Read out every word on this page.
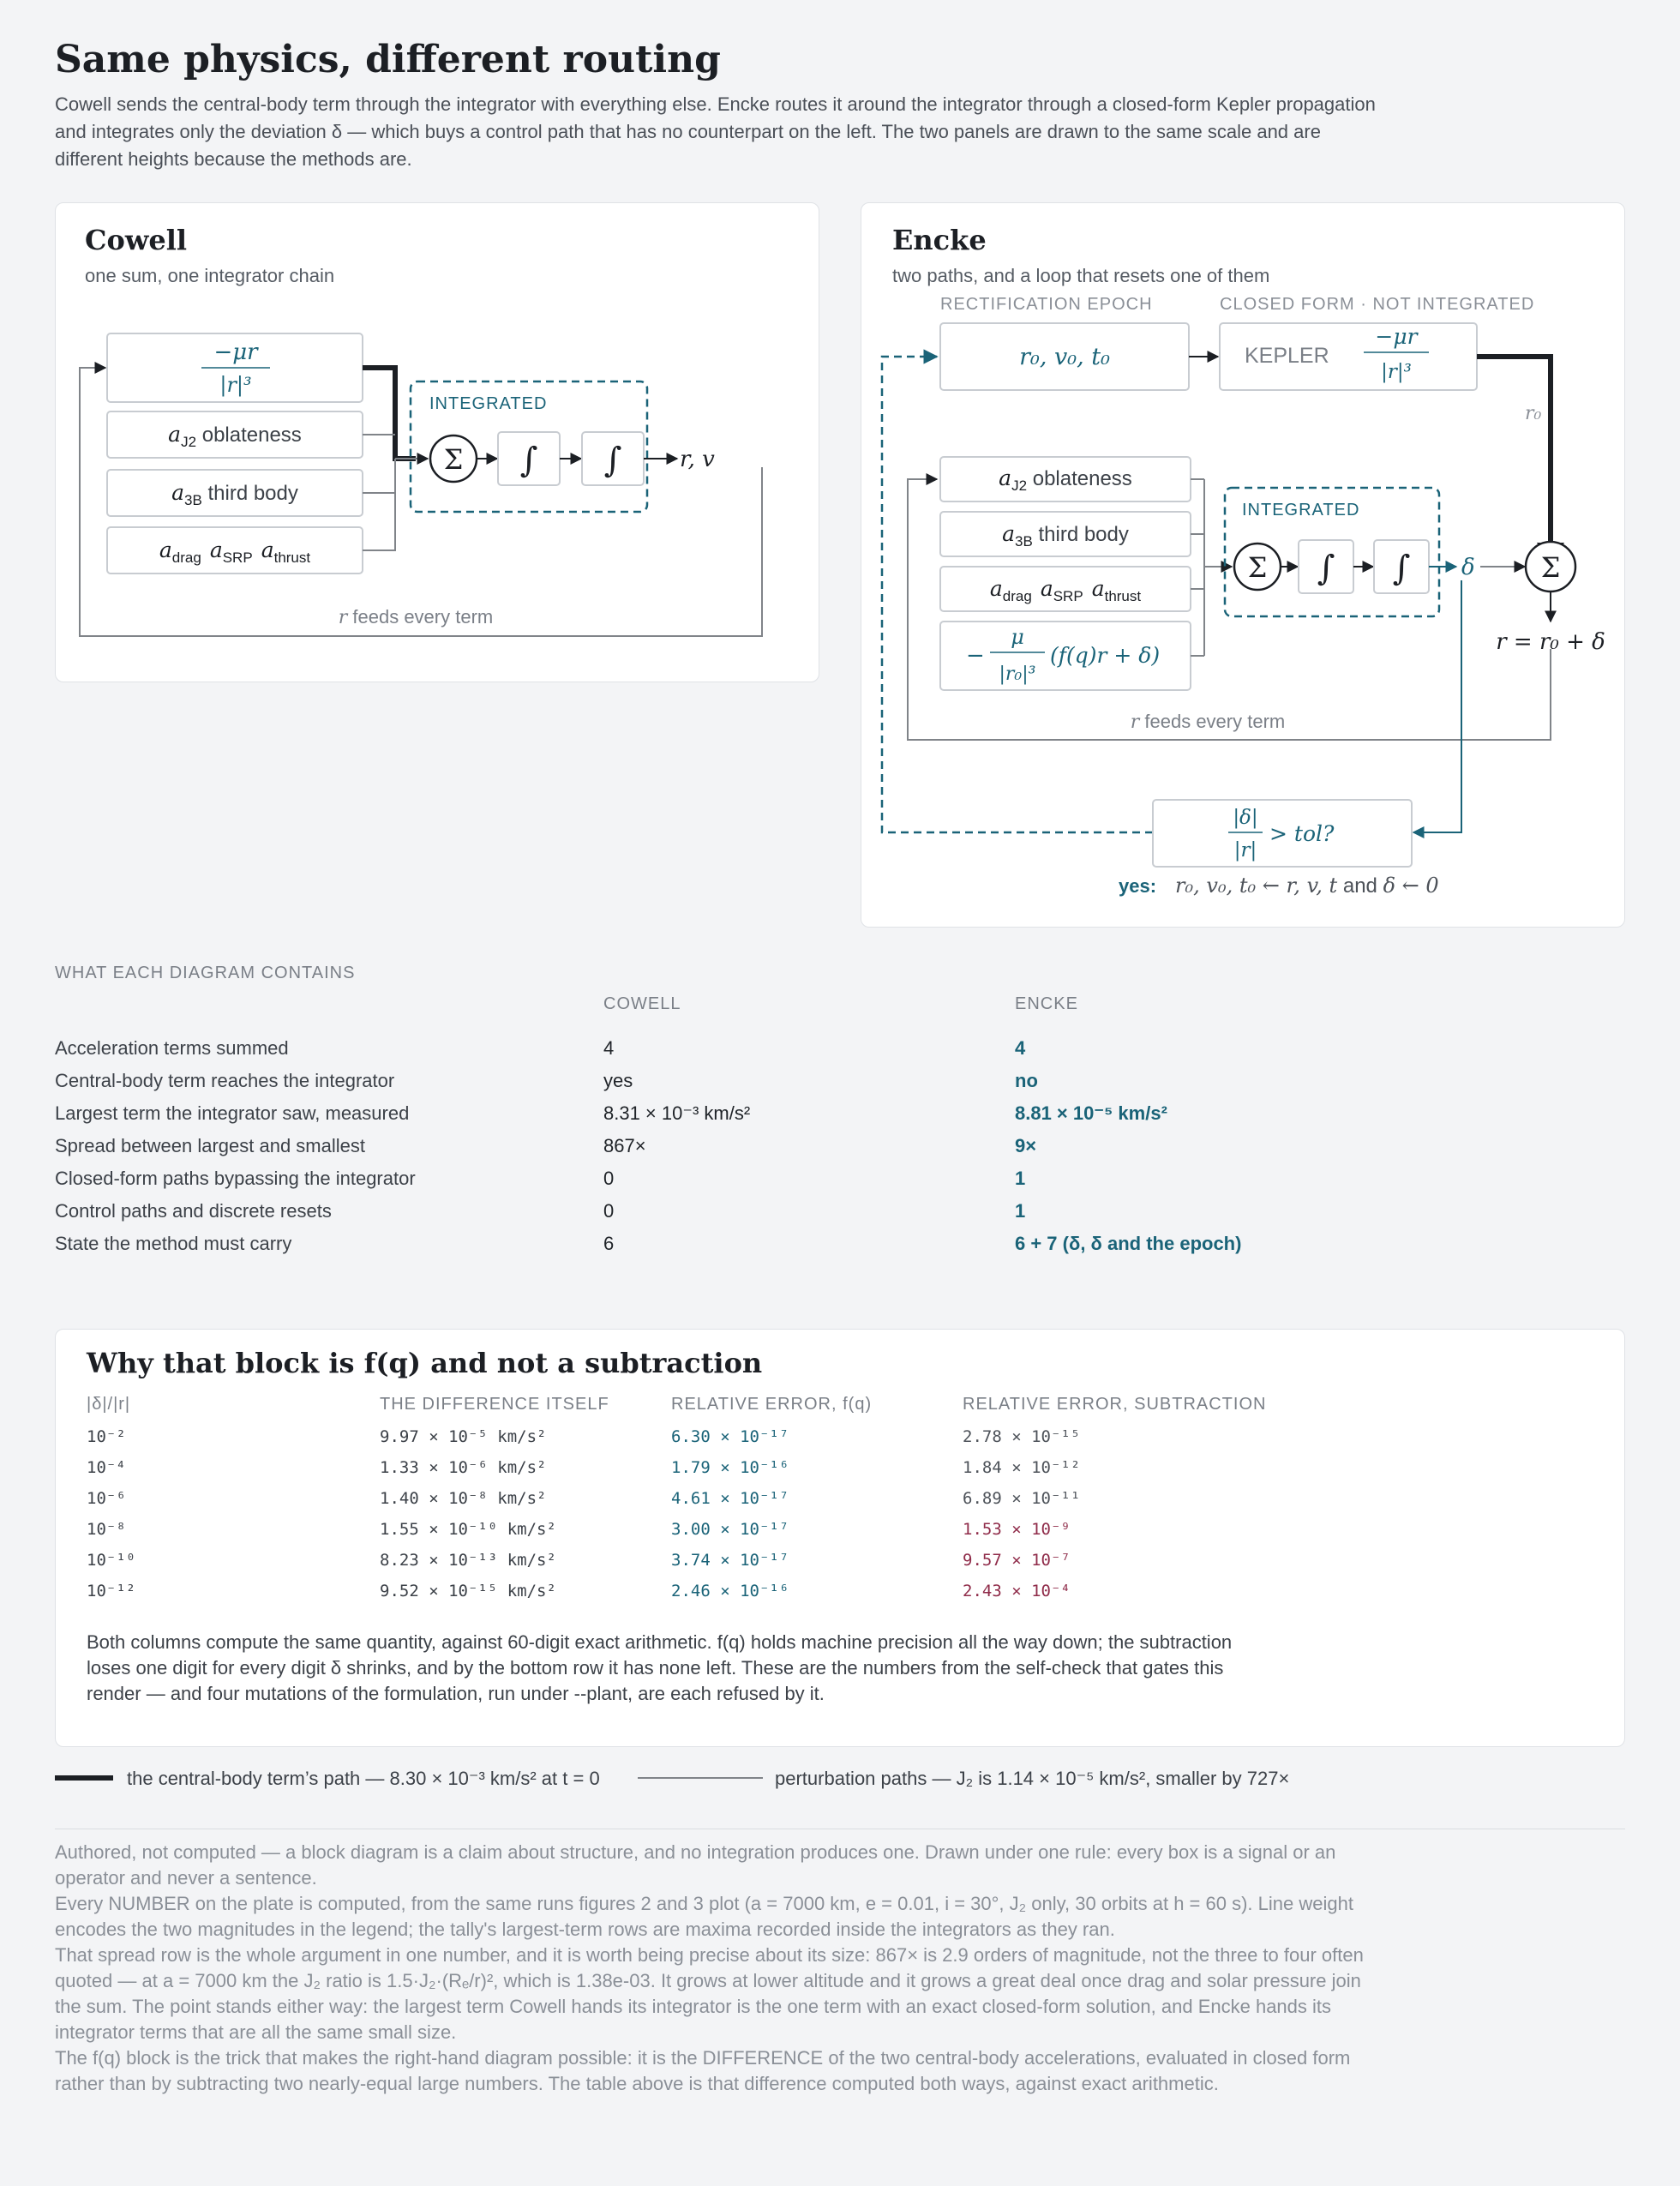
Same physics, different routing
Cowell sends the central-body term through the integrator with everything else. Encke routes it around the integrator through a closed-form Kepler propagation and integrates only the deviation δ — which buys a control path that has no counterpart on the left. The two panels are drawn to the same scale and are different heights because the methods are.
Cowell
one sum, one integrator chain
r feeds every term
−μr
|r|³
$a_{J2}$ oblateness
$a_{3B}$ third body
$a_{drag}$ $a_{SRP}$ $a_{thrust}$
INTEGRATED
Σ ∫ ∫	r, v
Encke
two paths, and a loop that resets one of them
RECTIFICATION EPOCH	CLOSED FORM · NOT INTEGRATED
r₀, v₀, t₀	KEPLER
−μr
|r|³
r₀
$a_{J2}$ oblateness
$a_{3B}$ third body
$a_{drag}$ $a_{SRP}$ $a_{thrust}$
−
μ
|r₀|³
(f(q)r + δ)
r feeds every term
INTEGRATED
Σ ∫ ∫ δ Σ
r = r₀ + δ
|δ|
|r|
> tol?
yes: r₀, v₀, t₀ ← r, v, t and δ ← 0
WHAT EACH DIAGRAM CONTAINS
COWELL	ENCKE
Acceleration terms summed	4	4
Central-body term reaches the integrator	yes	no
Largest term the integrator saw, measured	8.31 × 10⁻³ km/s²	8.81 × 10⁻⁵ km/s²
Spread between largest and smallest	867×	9×
Closed-form paths bypassing the integrator	0	1
Control paths and discrete resets	0	1
State the method must carry	6	6 + 7 (δ, δ and the epoch)
Why that block is f(q) and not a subtraction
|δ|/|r|	THE DIFFERENCE ITSELF	RELATIVE ERROR, f(q)	RELATIVE ERROR, SUBTRACTION
10⁻²	9.97 × 10⁻⁵ km/s²	6.30 × 10⁻¹⁷	2.78 × 10⁻¹⁵
10⁻⁴	1.33 × 10⁻⁶ km/s²	1.79 × 10⁻¹⁶	1.84 × 10⁻¹²
10⁻⁶	1.40 × 10⁻⁸ km/s²	4.61 × 10⁻¹⁷	6.89 × 10⁻¹¹
10⁻⁸	1.55 × 10⁻¹⁰ km/s²	3.00 × 10⁻¹⁷	1.53 × 10⁻⁹
10⁻¹⁰	8.23 × 10⁻¹³ km/s²	3.74 × 10⁻¹⁷	9.57 × 10⁻⁷
10⁻¹²	9.52 × 10⁻¹⁵ km/s²	2.46 × 10⁻¹⁶	2.43 × 10⁻⁴
Both columns compute the same quantity, against 60-digit exact arithmetic. f(q) holds machine precision all the way down; the subtraction loses one digit for every digit δ shrinks, and by the bottom row it has none left. These are the numbers from the self-check that gates this render — and four mutations of the formulation, run under --plant, are each refused by it.
the central-body term’s path — 8.30 × 10⁻³ km/s² at t = 0	perturbation paths — J₂ is 1.14 × 10⁻⁵ km/s², smaller by 727×

Authored, not computed — a block diagram is a claim about structure, and no integration produces one. Drawn under one rule: every box is a signal or an operator and never a sentence.

Every NUMBER on the plate is computed, from the same runs figures 2 and 3 plot (a = 7000 km, e = 0.01, i = 30°, J₂ only, 30 orbits at h = 60 s). Line weight encodes the two magnitudes in the legend; the tally's largest-term rows are maxima recorded inside the integrators as they ran.

That spread row is the whole argument in one number, and it is worth being precise about its size: 867× is 2.9 orders of magnitude, not the three to four often quoted — at a = 7000 km the J₂ ratio is 1.5·J₂·(Rₑ/r)², which is 1.38e-03. It grows at lower altitude and it grows a great deal once drag and solar pressure join the sum. The point stands either way: the largest term Cowell hands its integrator is the one term with an exact closed-form solution, and Encke hands its integrator terms that are all the same small size.

The f(q) block is the trick that makes the right-hand diagram possible: it is the DIFFERENCE of the two central-body accelerations, evaluated in closed form rather than by subtracting two nearly-equal large numbers. The table above is that difference computed both ways, against exact arithmetic.
